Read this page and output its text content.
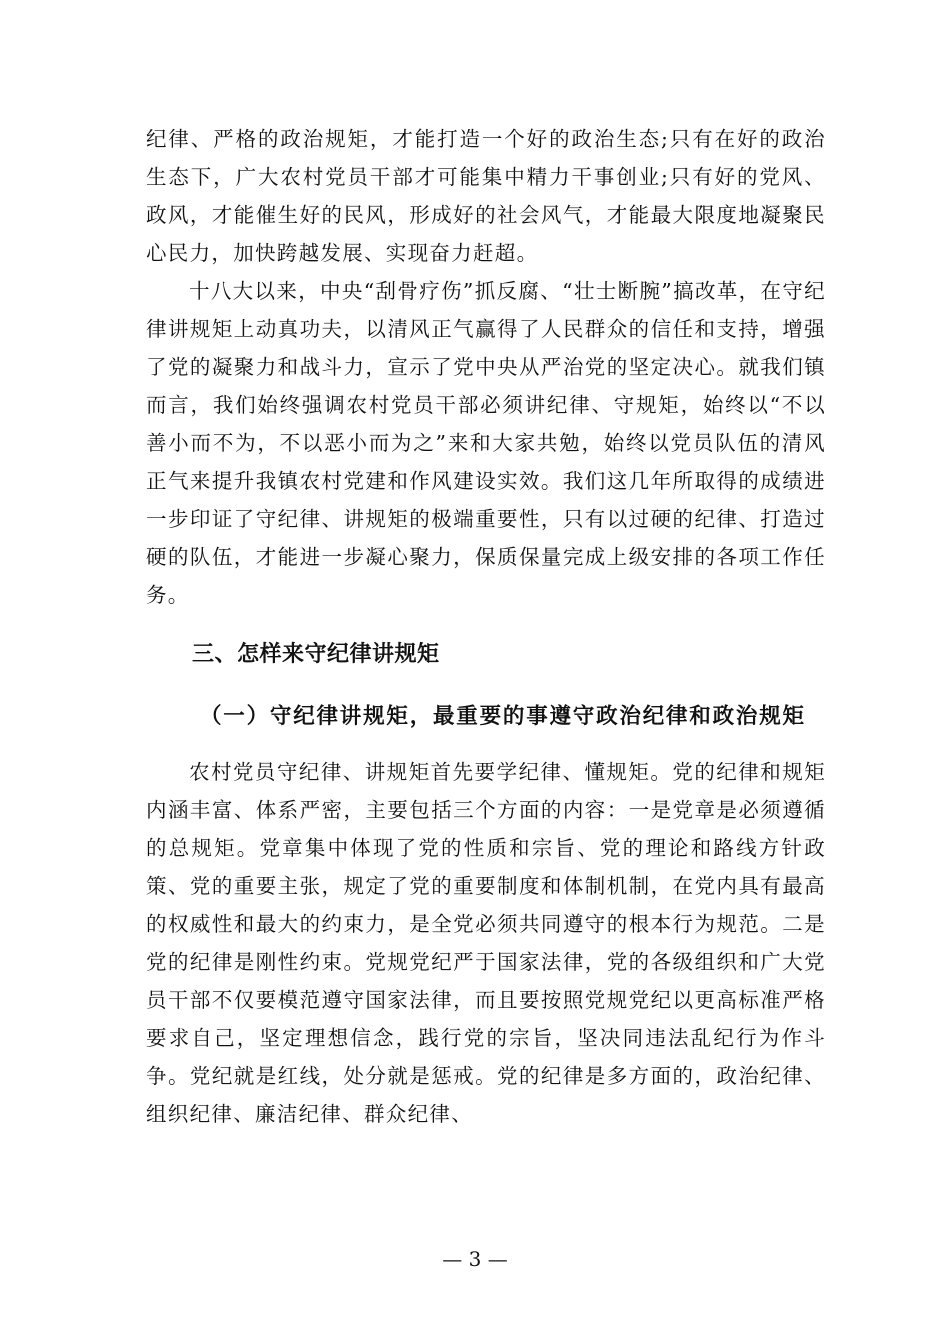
纪律、严格的政治规矩，才能打造一个好的政治生态;只有在好的政治生态下，广大农村党员干部才可能集中精力干事创业;只有好的党风、政风，才能催生好的民风，形成好的社会风气，才能最大限度地凝聚民心民力，加快跨越发展、实现奋力赶超。

十八大以来，中央“刮骨疗伤”抓反腐、“壮士断腕”搞改革，在守纪律讲规矩上动真功夫，以清风正气赢得了人民群众的信任和支持，增强了党的凝聚力和战斗力，宣示了党中央从严治党的坚定决心。就我们镇而言，我们始终强调农村党员干部必须讲纪律、守规矩，始终以“不以善小而不为，不以恶小而为之”来和大家共勉，始终以党员队伍的清风正气来提升我镇农村党建和作风建设实效。我们这几年所取得的成绩进一步印证了守纪律、讲规矩的极端重要性，只有以过硬的纪律、打造过硬的队伍，才能进一步凝心聚力，保质保量完成上级安排的各项工作任务。

三、怎样来守纪律讲规矩
（一）守纪律讲规矩，最重要的事遵守政治纪律和政治规矩

农村党员守纪律、讲规矩首先要学纪律、懂规矩。党的纪律和规矩内涵丰富、体系严密，主要包括三个方面的内容：一是党章是必须遵循的总规矩。党章集中体现了党的性质和宗旨、党的理论和路线方针政策、党的重要主张，规定了党的重要制度和体制机制，在党内具有最高的权威性和最大的约束力，是全党必须共同遵守的根本行为规范。二是党的纪律是刚性约束。党规党纪严于国家法律，党的各级组织和广大党员干部不仅要模范遵守国家法律，而且要按照党规党纪以更高标准严格要求自己，坚定理想信念，践行党的宗旨，坚决同违法乱纪行为作斗争。党纪就是红线，处分就是惩戒。党的纪律是多方面的，政治纪律、组织纪律、廉洁纪律、群众纪律、

— 3 —
